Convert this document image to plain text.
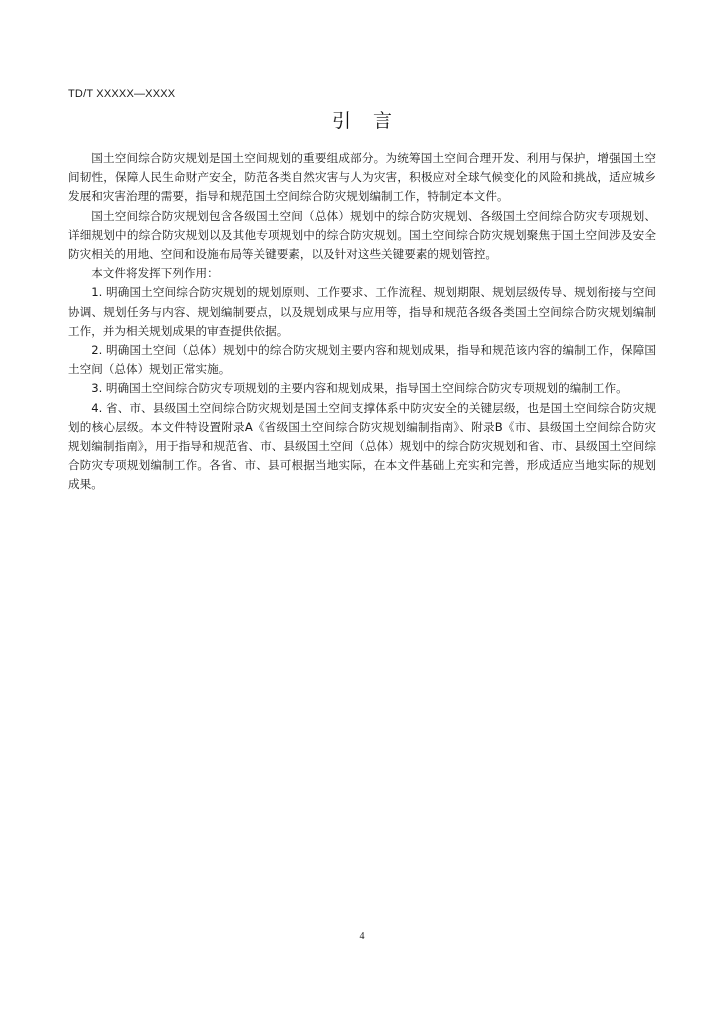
TD/T XXXXX—XXXX
引言

国土空间综合防灾规划是国土空间规划的重要组成部分。为统筹国土空间合理开发、利用与保护，增强国土空间韧性，保障人民生命财产安全，防范各类自然灾害与人为灾害，积极应对全球气候变化的风险和挑战，适应城乡发展和灾害治理的需要，指导和规范国土空间综合防灾规划编制工作，特制定本文件。

国土空间综合防灾规划包含各级国土空间（总体）规划中的综合防灾规划、各级国土空间综合防灾专项规划、详细规划中的综合防灾规划以及其他专项规划中的综合防灾规划。国土空间综合防灾规划聚焦于国土空间涉及安全防灾相关的用地、空间和设施布局等关键要素，以及针对这些关键要素的规划管控。

本文件将发挥下列作用：

1. 明确国土空间综合防灾规划的规划原则、工作要求、工作流程、规划期限、规划层级传导、规划衔接与空间协调、规划任务与内容、规划编制要点，以及规划成果与应用等，指导和规范各级各类国土空间综合防灾规划编制工作，并为相关规划成果的审查提供依据。

2. 明确国土空间（总体）规划中的综合防灾规划主要内容和规划成果，指导和规范该内容的编制工作，保障国土空间（总体）规划正常实施。

3. 明确国土空间综合防灾专项规划的主要内容和规划成果，指导国土空间综合防灾专项规划的编制工作。

4. 省、市、县级国土空间综合防灾规划是国土空间支撑体系中防灾安全的关键层级，也是国土空间综合防灾规划的核心层级。本文件特设置附录A《省级国土空间综合防灾规划编制指南》、附录B《市、县级国土空间综合防灾规划编制指南》，用于指导和规范省、市、县级国土空间（总体）规划中的综合防灾规划和省、市、县级国土空间综合防灾专项规划编制工作。各省、市、县可根据当地实际，在本文件基础上充实和完善，形成适应当地实际的规划成果。

4
